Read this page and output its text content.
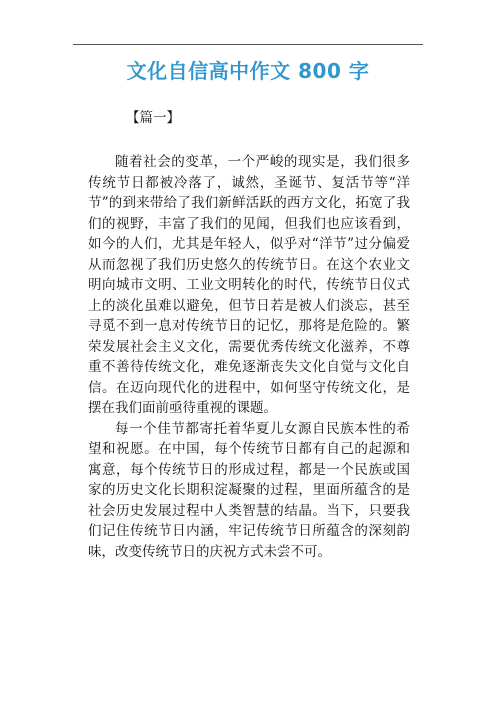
文化自信高中作文 800 字
【篇一】

随着社会的变革，一个严峻的现实是，我们很多传统节日都被冷落了，诚然，圣诞节、复活节等“洋节”的到来带给了我们新鲜活跃的西方文化，拓宽了我们的视野，丰富了我们的见闻，但我们也应该看到，如今的人们，尤其是年轻人，似乎对“洋节”过分偏爱从而忽视了我们历史悠久的传统节日。在这个农业文明向城市文明、工业文明转化的时代，传统节日仪式上的淡化虽难以避免，但节日若是被人们淡忘，甚至寻觅不到一息对传统节日的记忆，那将是危险的。繁荣发展社会主义文化，需要优秀传统文化滋养，不尊重不善待传统文化，难免逐渐丧失文化自觉与文化自信。在迈向现代化的进程中，如何坚守传统文化，是摆在我们面前亟待重视的课题。

每一个佳节都寄托着华夏儿女源自民族本性的希望和祝愿。在中国，每个传统节日都有自己的起源和寓意，每个传统节日的形成过程，都是一个民族或国家的历史文化长期积淀凝聚的过程，里面所蕴含的是社会历史发展过程中人类智慧的结晶。当下，只要我们记住传统节日内涵，牢记传统节日所蕴含的深刻韵味，改变传统节日的庆祝方式未尝不可。
